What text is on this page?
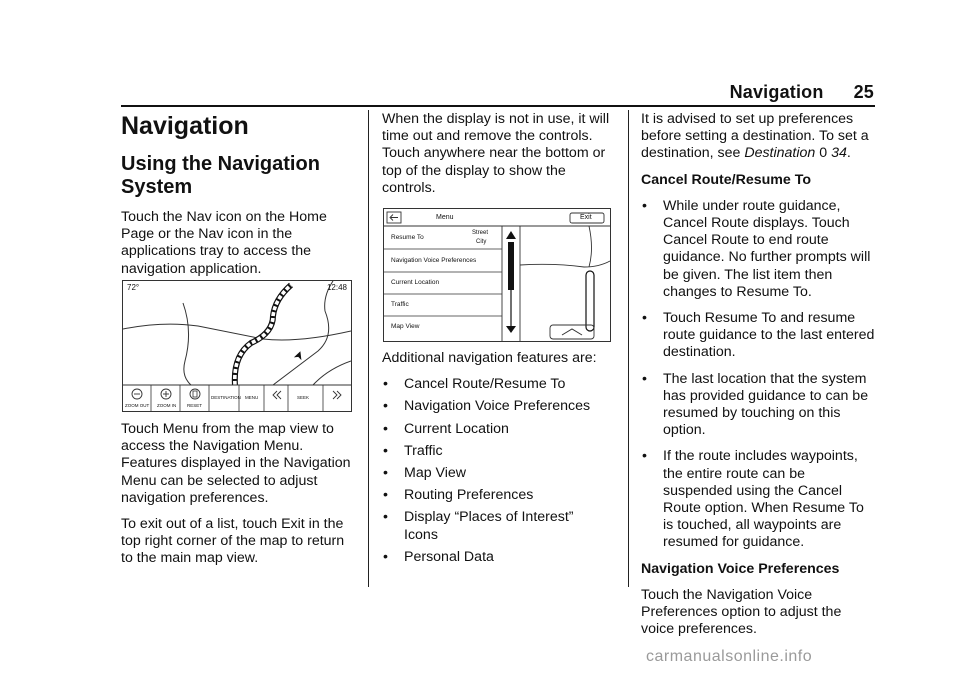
Navigation 25
Navigation
Using the Navigation System

Touch the Nav icon on the Home Page or the Nav icon in the applications tray to access the navigation application.

72°	12:48
ZOOM OUT ZOOM IN RESET
DESTINATION MENU	SEEK

Touch Menu from the map view to access the Navigation Menu. Features displayed in the Navigation Menu can be selected to adjust navigation preferences.

To exit out of a list, touch Exit in the top right corner of the map to return to the main map view.

When the display is not in use, it will time out and remove the controls. Touch anywhere near the bottom or top of the display to show the controls.

Menu	Exit
Street
City
Resume To
Navigation Voice Preferences
Current Location
Traffic
Map View

Additional navigation features are:

• Cancel Route/Resume To
• Navigation Voice Preferences
• Current Location
• Traffic
• Map View
• Routing Preferences
• Display “Places of Interest” Icons
• Personal Data

It is advised to set up preferences before setting a destination. To set a destination, see Destination 0 34.

Cancel Route/Resume To
• While under route guidance, Cancel Route displays. Touch Cancel Route to end route guidance. No further prompts will be given. The list item then changes to Resume To.
• Touch Resume To and resume route guidance to the last entered destination.
• The last location that the system has provided guidance to can be resumed by touching on this option.
• If the route includes waypoints, the entire route can be suspended using the Cancel Route option. When Resume To is touched, all waypoints are resumed for guidance.
Navigation Voice Preferences

Touch the Navigation Voice Preferences option to adjust the voice preferences.

carmanualsonline.info
